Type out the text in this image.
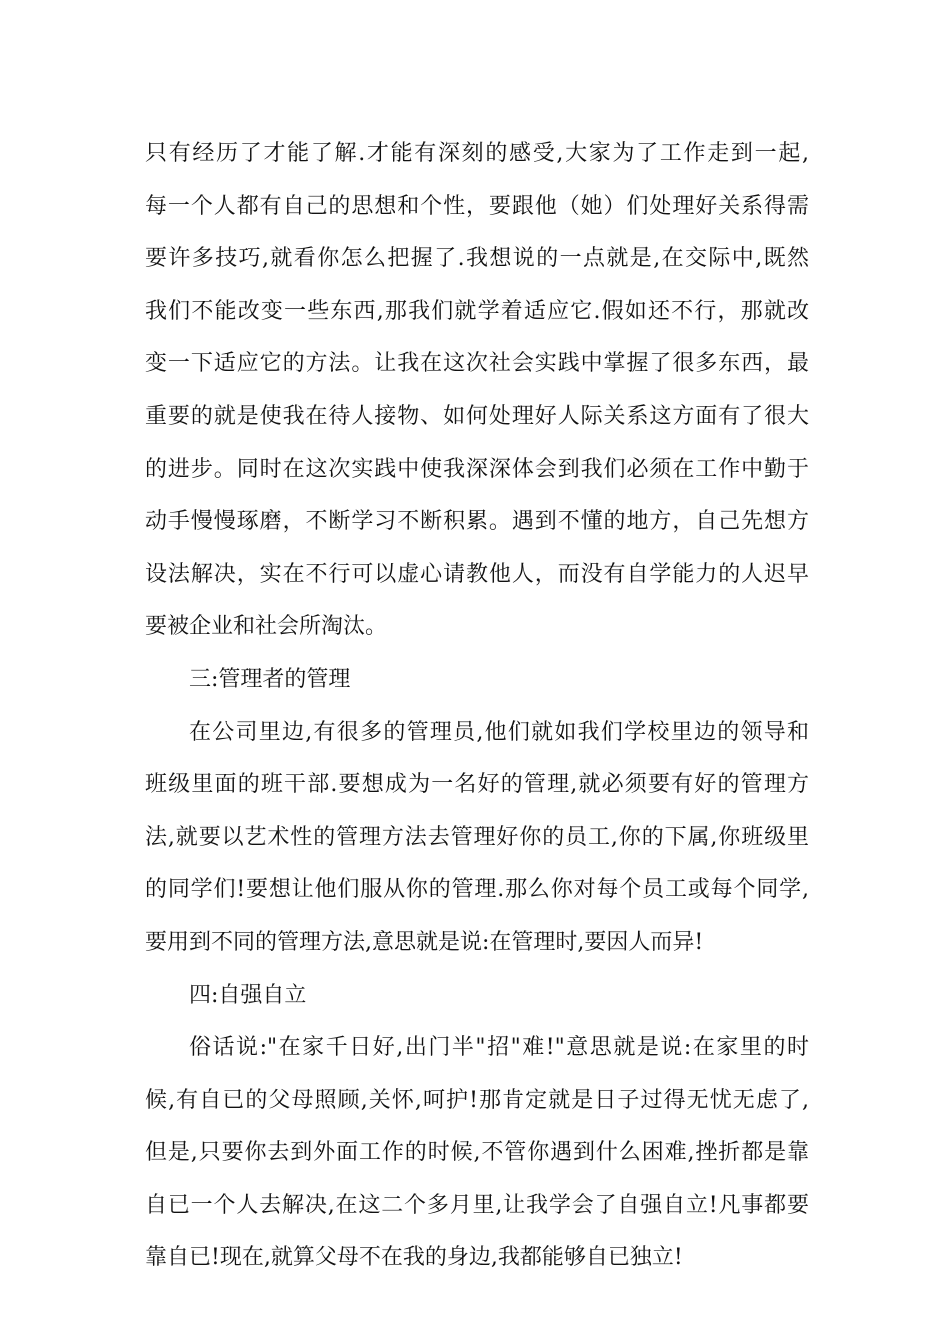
只有经历了才能了解.才能有深刻的感受,大家为了工作走到一起,
每一个人都有自己的思想和个性，要跟他（她）们处理好关系得需
要许多技巧,就看你怎么把握了.我想说的一点就是,在交际中,既然
我们不能改变一些东西,那我们就学着适应它.假如还不行，那就改
变一下适应它的方法。让我在这次社会实践中掌握了很多东西，最
重要的就是使我在待人接物、如何处理好人际关系这方面有了很大
的进步。同时在这次实践中使我深深体会到我们必须在工作中勤于
动手慢慢琢磨，不断学习不断积累。遇到不懂的地方，自己先想方
设法解决，实在不行可以虚心请教他人，而没有自学能力的人迟早
要被企业和社会所淘汰。
三:管理者的管理
在公司里边,有很多的管理员,他们就如我们学校里边的领导和
班级里面的班干部.要想成为一名好的管理,就必须要有好的管理方
法,就要以艺术性的管理方法去管理好你的员工,你的下属,你班级里
的同学们!要想让他们服从你的管理.那么你对每个员工或每个同学,
要用到不同的管理方法,意思就是说:在管理时,要因人而异!
四:自强自立
俗话说:"在家千日好,出门半"招"难!"意思就是说:在家里的时
候,有自已的父母照顾,关怀,呵护!那肯定就是日子过得无忧无虑了,
但是,只要你去到外面工作的时候,不管你遇到什么困难,挫折都是靠
自已一个人去解决,在这二个多月里,让我学会了自强自立!凡事都要
靠自已!现在,就算父母不在我的身边,我都能够自已独立!
